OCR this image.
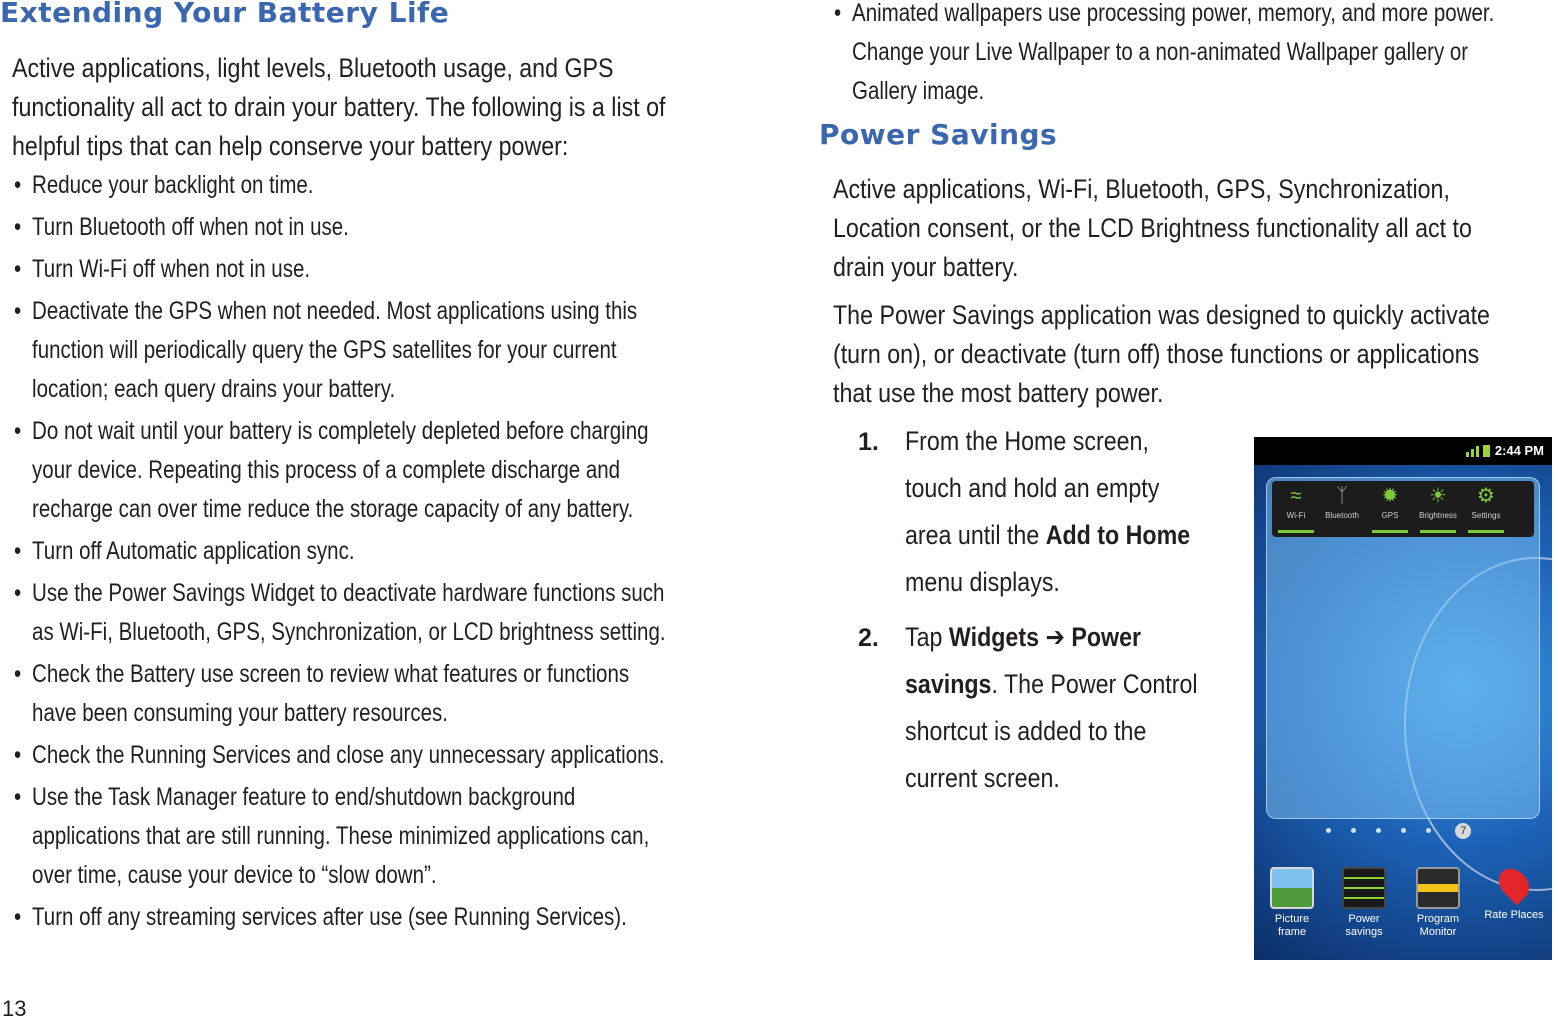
Extending Your Battery Life
Active applications, light levels, Bluetooth usage, and GPS
functionality all act to drain your battery. The following is a list of
helpful tips that can help conserve your battery power:
• Reduce your backlight on time.
• Turn Bluetooth off when not in use.
• Turn Wi-Fi off when not in use.
• Deactivate the GPS when not needed. Most applications using this
function will periodically query the GPS satellites for your current
location; each query drains your battery.
• Do not wait until your battery is completely depleted before charging
your device. Repeating this process of a complete discharge and
recharge can over time reduce the storage capacity of any battery.
• Turn off Automatic application sync.
• Use the Power Savings Widget to deactivate hardware functions such
as Wi-Fi, Bluetooth, GPS, Synchronization, or LCD brightness setting.
• Check the Battery use screen to review what features or functions
have been consuming your battery resources.
• Check the Running Services and close any unnecessary applications.
• Use the Task Manager feature to end/shutdown background
applications that are still running. These minimized applications can,
over time, cause your device to “slow down”.
• Turn off any streaming services after use (see Running Services).
13
• Animated wallpapers use processing power, memory, and more power.
Change your Live Wallpaper to a non-animated Wallpaper gallery or
Gallery image.
Power Savings
Active applications, Wi-Fi, Bluetooth, GPS, Synchronization,
Location consent, or the LCD Brightness functionality all act to
drain your battery.
The Power Savings application was designed to quickly activate
(turn on), or deactivate (turn off) those functions or applications
that use the most battery power.
1. From the Home screen,
touch and hold an empty
area until the Add to Home
menu displays.
2. Tap Widgets ➔ Power
savings. The Power Control
shortcut is added to the
current screen.
2:44 PM
≈
Wi-Fi
ᛉ
Bluetooth
✹
GPS
☀
Brightness
⚙
Settings
7
Picture
frame
Power
savings
Program
Monitor
Rate Places
